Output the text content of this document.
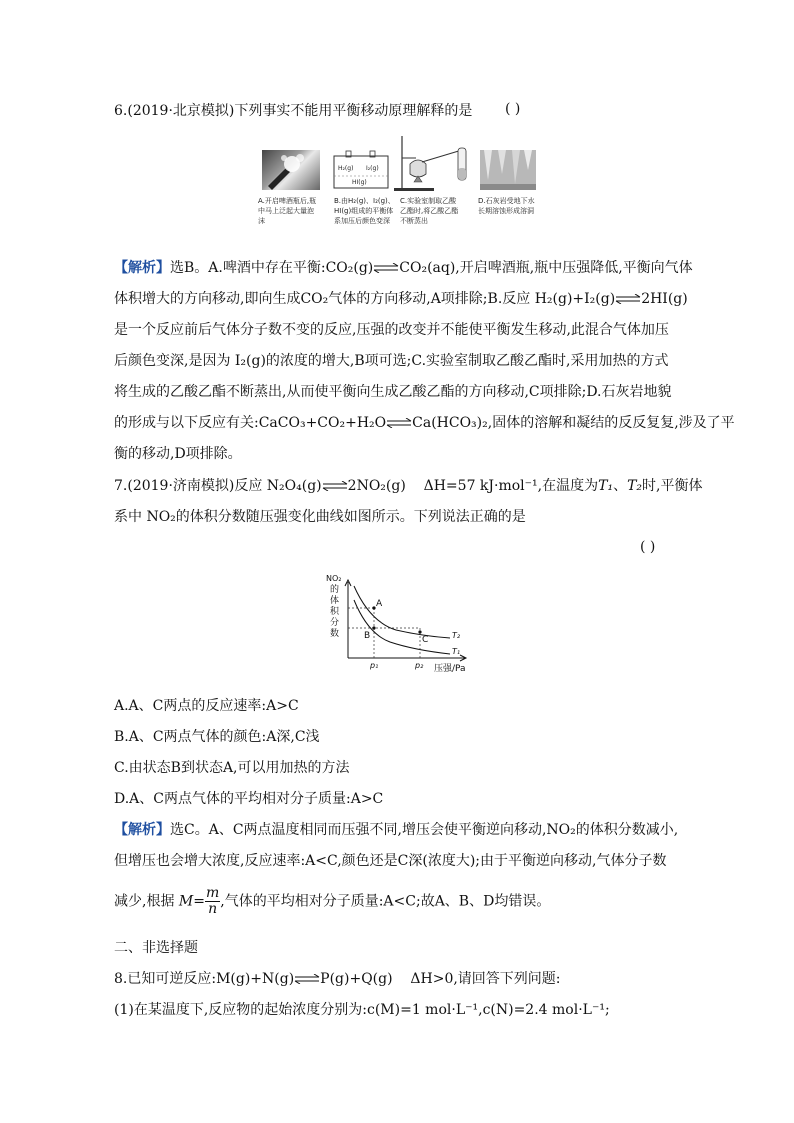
6.(2019·北京模拟)下列事实不能用平衡移动原理解释的是 ( )
A.开启啤酒瓶后,瓶中马上泛起大量泡沫
H₂(g) I₂(g)
HI(g)
B.由H₂(g)、I₂(g)、HI(g)组成的平衡体系加压后颜色变深
C.实验室制取乙酸乙酯时,将乙酸乙酯不断蒸出
D.石灰岩受地下水长期溶蚀形成溶洞
【解析】选B。A.啤酒中存在平衡:CO₂(g)⇌CO₂(aq),开启啤酒瓶,瓶中压强降低,平衡向气体
体积增大的方向移动,即向生成CO₂气体的方向移动,A项排除;B.反应 H₂(g)+I₂(g)⇌2HI(g)
是一个反应前后气体分子数不变的反应,压强的改变并不能使平衡发生移动,此混合气体加压
后颜色变深,是因为 I₂(g)的浓度的增大,B项可选;C.实验室制取乙酸乙酯时,采用加热的方式
将生成的乙酸乙酯不断蒸出,从而使平衡向生成乙酸乙酯的方向移动,C项排除;D.石灰岩地貌
的形成与以下反应有关:CaCO₃+CO₂+H₂O⇌Ca(HCO₃)₂,固体的溶解和凝结的反反复复,涉及了平
衡的移动,D项排除。
7.(2019·济南模拟)反应 N₂O₄(g)⇌2NO₂(g) ΔH=57 kJ·mol⁻¹,在温度为T₁、T₂时,平衡体
系中 NO₂的体积分数随压强变化曲线如图所示。下列说法正确的是
( )
NO₂
的
体
积
分
数
A
B	C	T₂
T₁
p₁	p₂ 压强/Pa
A.A、C两点的反应速率:A>C
B.A、C两点气体的颜色:A深,C浅
C.由状态B到状态A,可以用加热的方法
D.A、C两点气体的平均相对分子质量:A>C
【解析】选C。A、C两点温度相同而压强不同,增压会使平衡逆向移动,NO₂的体积分数减小,
但增压也会增大浓度,反应速率:A<C,颜色还是C深(浓度大);由于平衡逆向移动,气体分子数
减少,根据 $M= \frac{m}{n}$ ,气体的平均相对分子质量:A<C;故A、B、D均错误。
二、非选择题
8.已知可逆反应:M(g)+N(g)⇌P(g)+Q(g) ΔH>0,请回答下列问题:
(1)在某温度下,反应物的起始浓度分别为:c(M)=1 mol·L⁻¹,c(N)=2.4 mol·L⁻¹;
